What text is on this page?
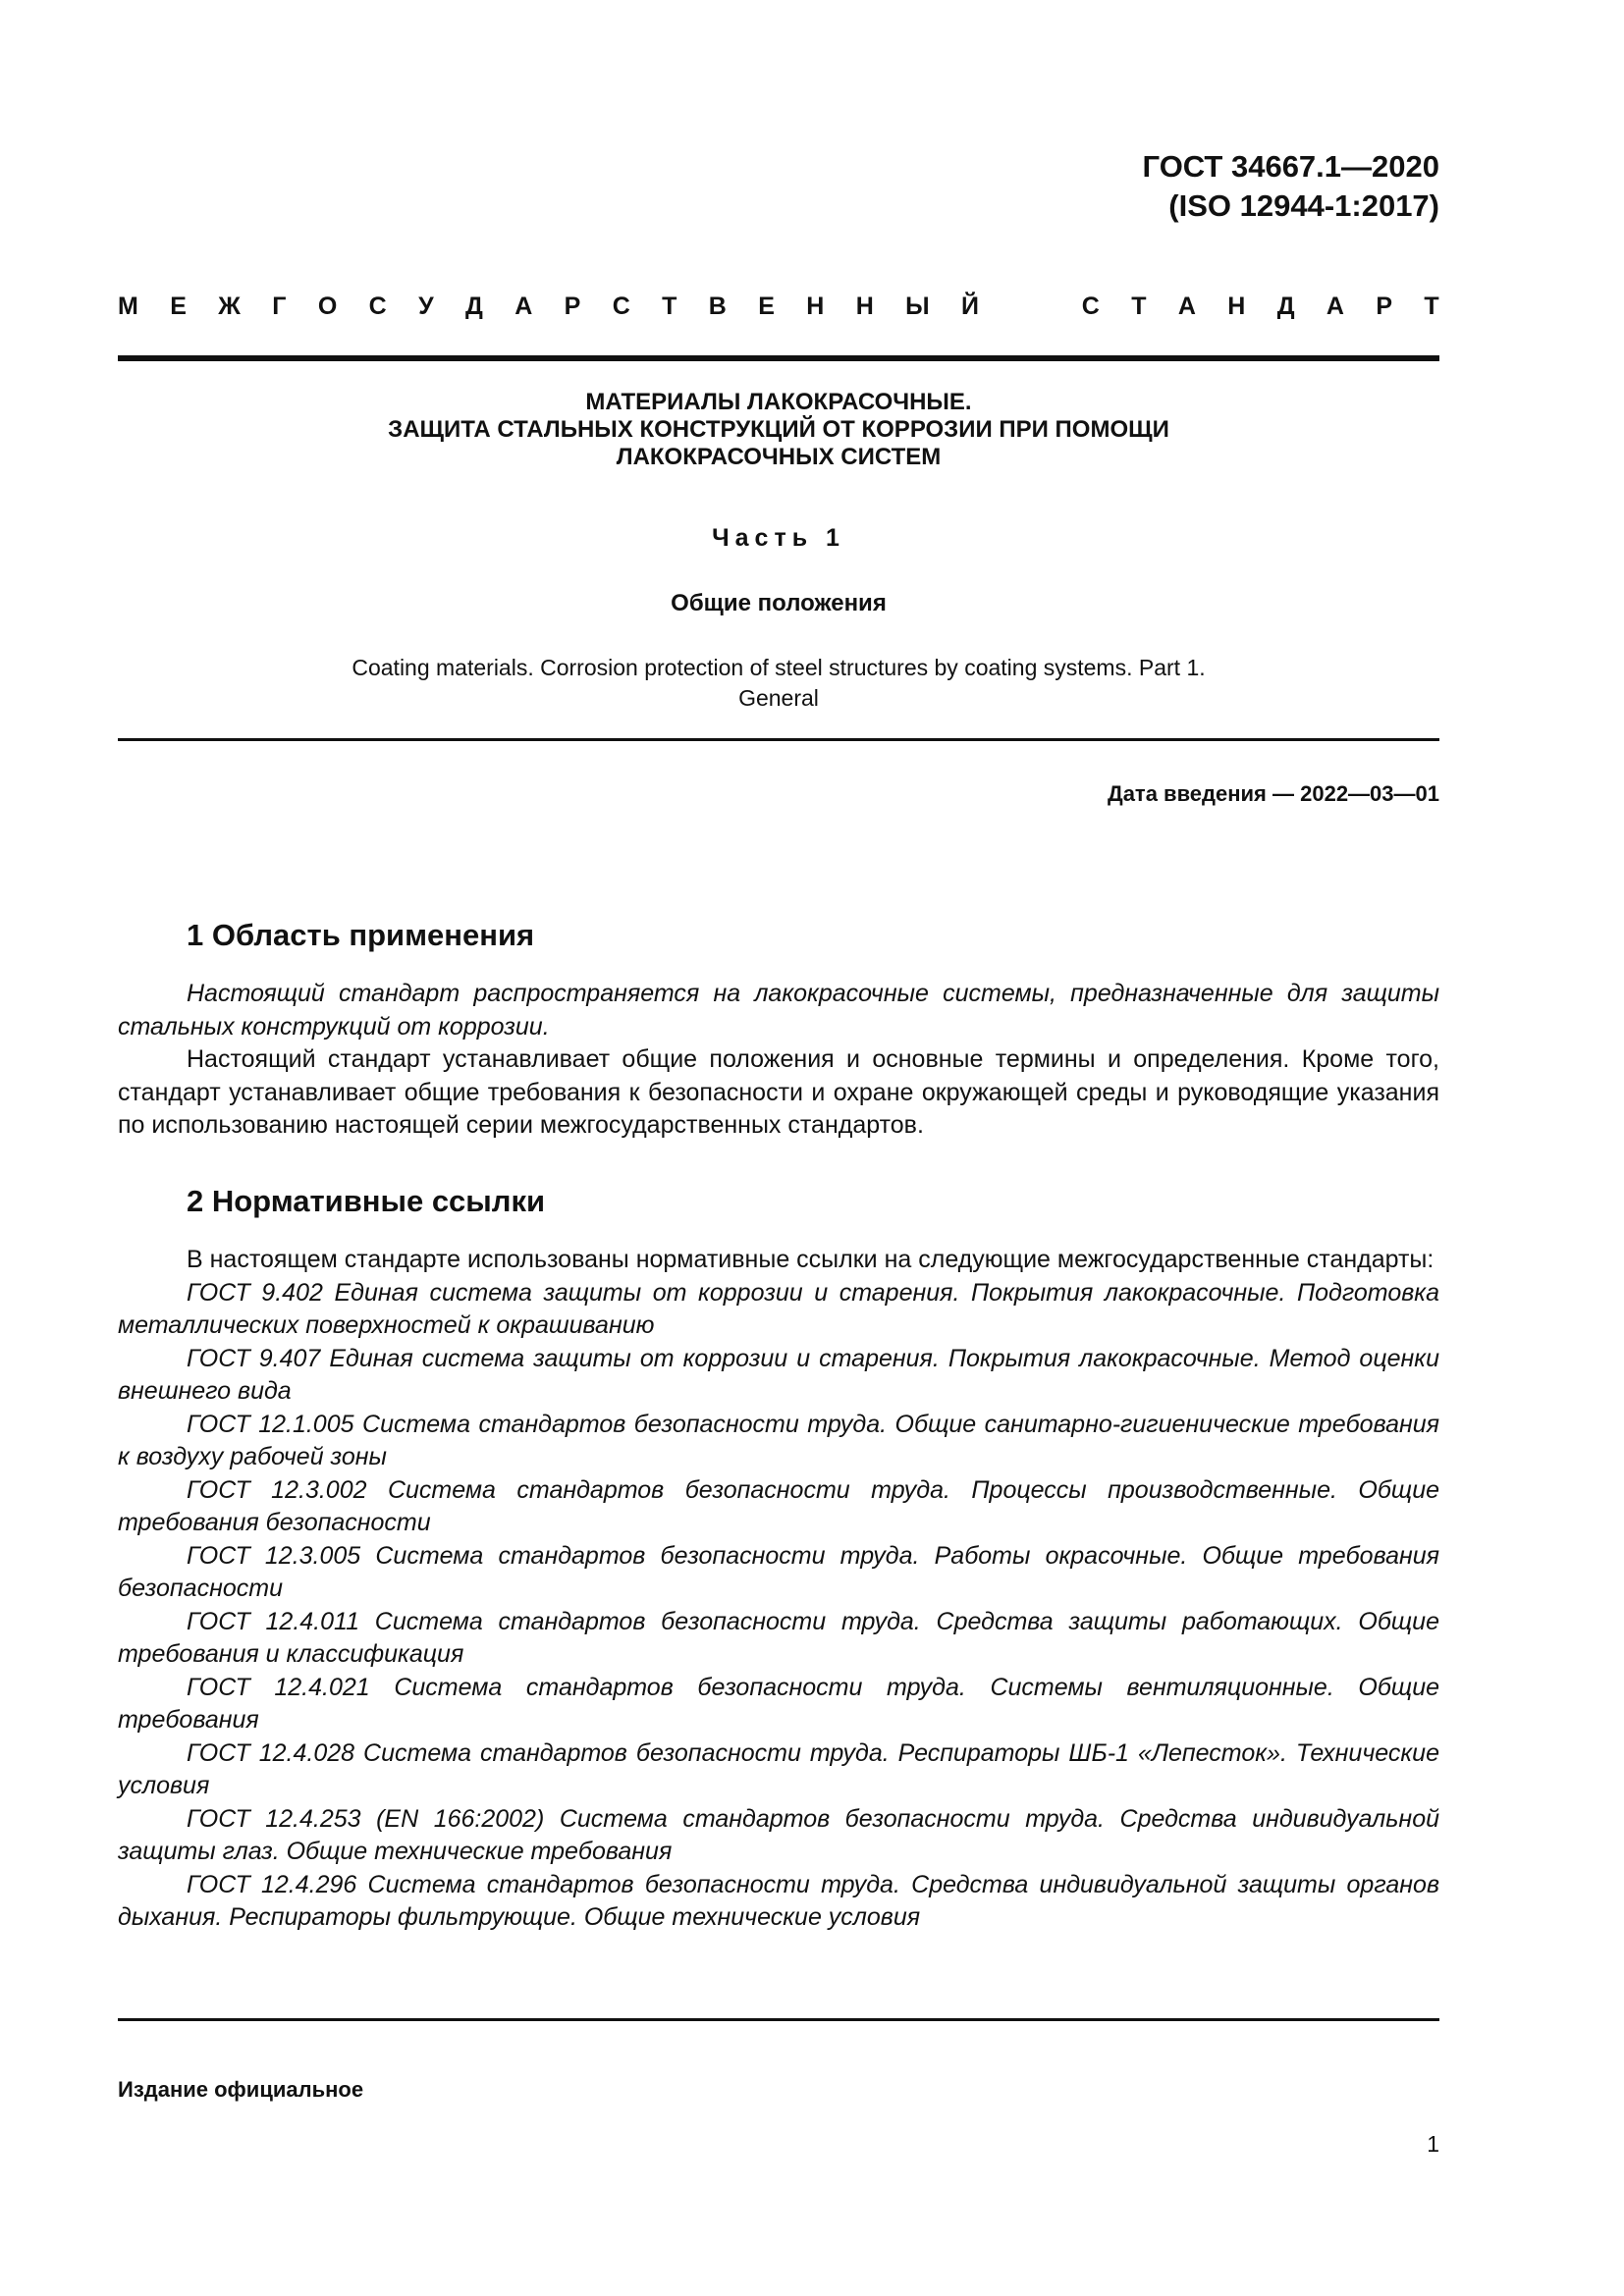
ГОСТ 34667.1—2020
(ISO 12944-1:2017)
М Е Ж Г О С У Д А Р С Т В Е Н Н Ы Й	С Т А Н Д А Р Т
МАТЕРИАЛЫ ЛАКОКРАСОЧНЫЕ.
ЗАЩИТА СТАЛЬНЫХ КОНСТРУКЦИЙ ОТ КОРРОЗИИ ПРИ ПОМОЩИ
ЛАКОКРАСОЧНЫХ СИСТЕМ
Часть 1
Общие положения
Coating materials. Corrosion protection of steel structures by coating systems. Part 1.
General
Дата введения — 2022—03—01
1 Область применения

Настоящий стандарт распространяется на лакокрасочные системы, предназначенные для защиты стальных конструкций от коррозии.

Настоящий стандарт устанавливает общие положения и основные термины и определения. Кроме того, стандарт устанавливает общие требования к безопасности и охране окружающей среды и руководящие указания по использованию настоящей серии межгосударственных стандартов.

2 Нормативные ссылки

В настоящем стандарте использованы нормативные ссылки на следующие межгосударственные стандарты:

ГОСТ 9.402 Единая система защиты от коррозии и старения. Покрытия лакокрасочные. Подготовка металлических поверхностей к окрашиванию

ГОСТ 9.407 Единая система защиты от коррозии и старения. Покрытия лакокрасочные. Метод оценки внешнего вида

ГОСТ 12.1.005 Система стандартов безопасности труда. Общие санитарно-гигиенические требования к воздуху рабочей зоны

ГОСТ 12.3.002 Система стандартов безопасности труда. Процессы производственные. Общие требования безопасности

ГОСТ 12.3.005 Система стандартов безопасности труда. Работы окрасочные. Общие требования безопасности

ГОСТ 12.4.011 Система стандартов безопасности труда. Средства защиты работающих. Общие требования и классификация

ГОСТ 12.4.021 Система стандартов безопасности труда. Системы вентиляционные. Общие требования

ГОСТ 12.4.028 Система стандартов безопасности труда. Респираторы ШБ-1 «Лепесток». Технические условия

ГОСТ 12.4.253 (EN 166:2002) Система стандартов безопасности труда. Средства индивидуальной защиты глаз. Общие технические требования

ГОСТ 12.4.296 Система стандартов безопасности труда. Средства индивидуальной защиты органов дыхания. Респираторы фильтрующие. Общие технические условия

Издание официальное
1
